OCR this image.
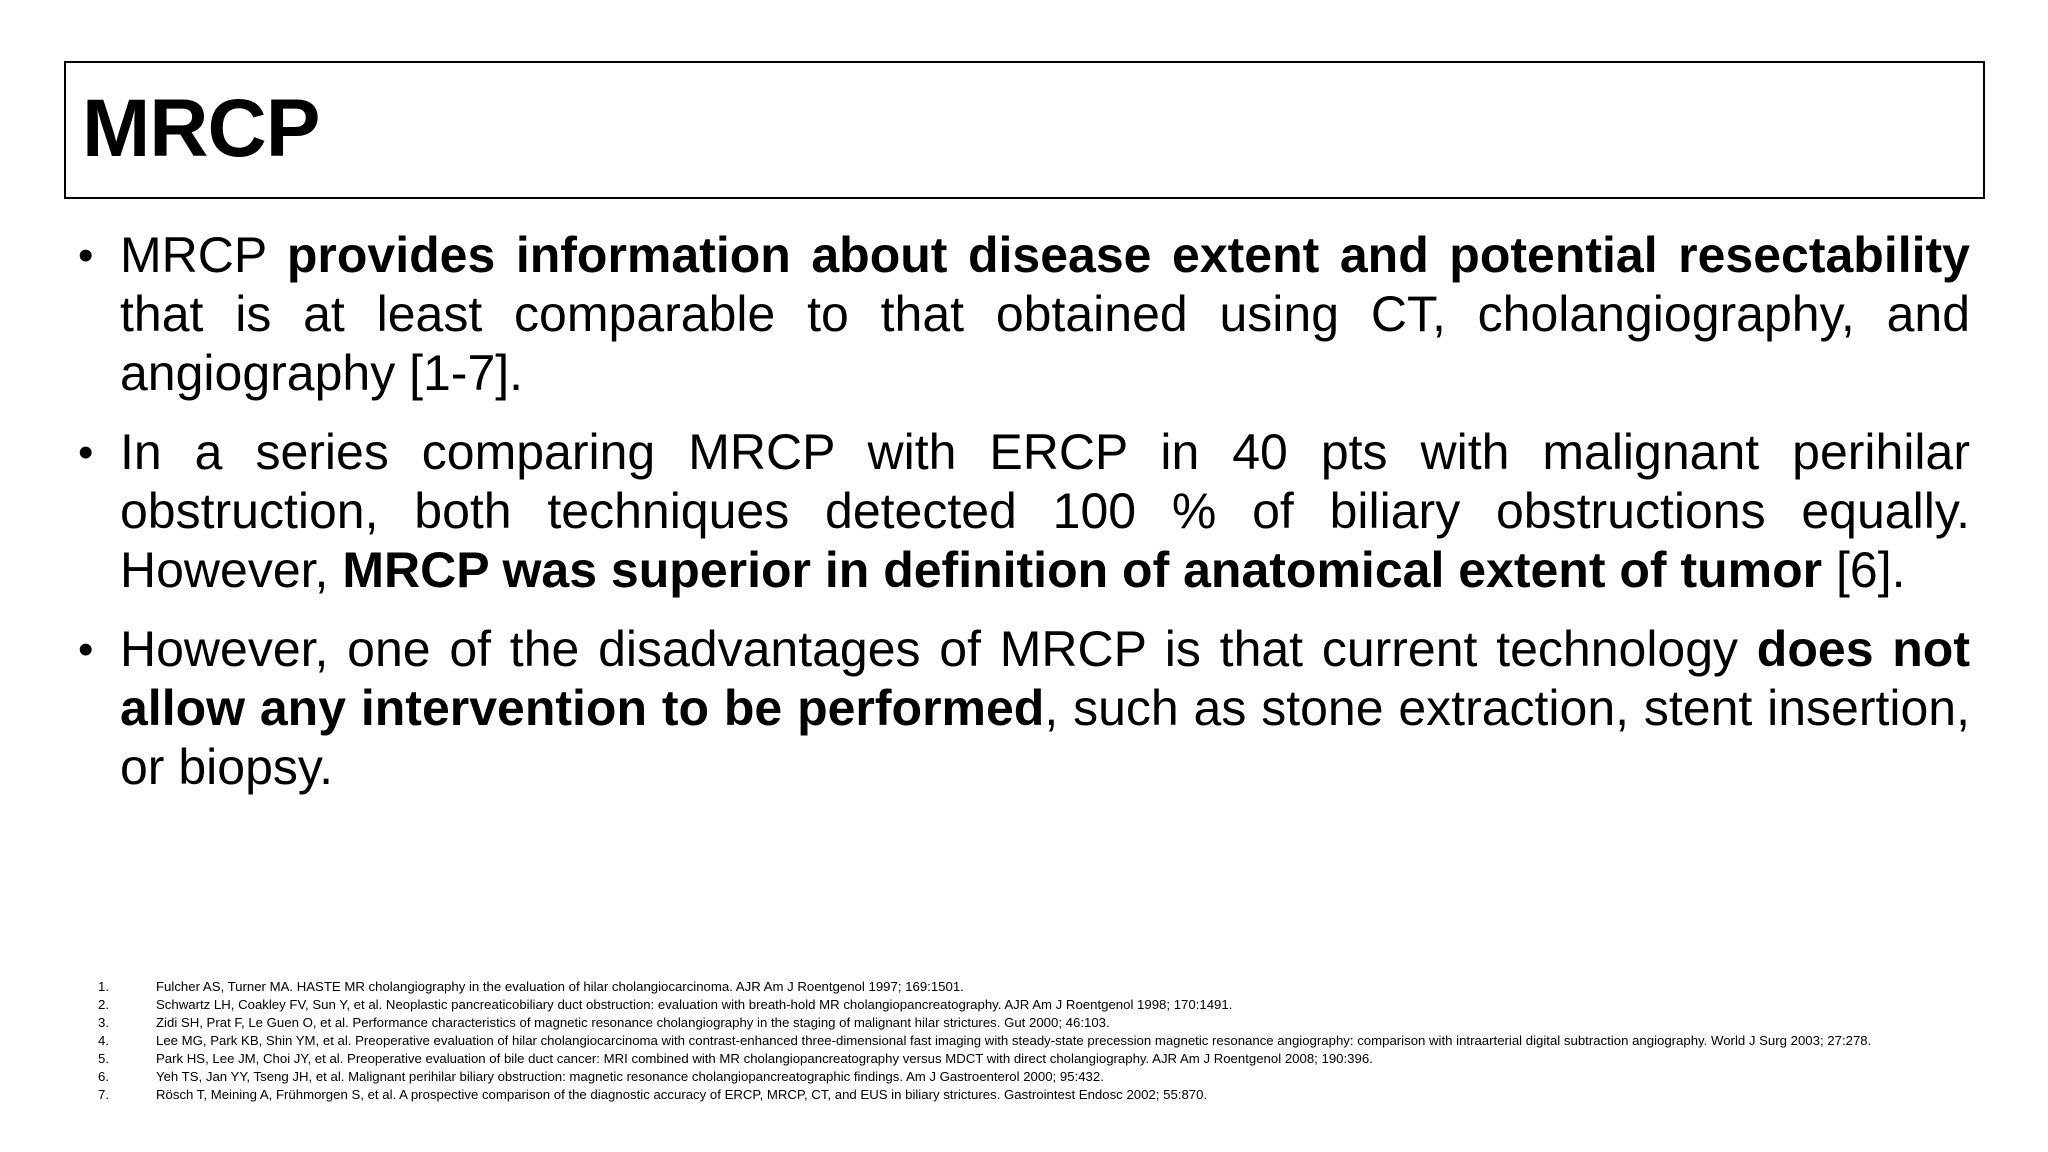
MRCP
• MRCP provides information about disease extent and potential resectability that is at least comparable to that obtained using CT, cholangiography, and angiography [1-7].
• In a series comparing MRCP with ERCP in 40 pts with malignant perihilar obstruction, both techniques detected 100 % of biliary obstructions equally. However, MRCP was superior in definition of anatomical extent of tumor [6].
• However, one of the disadvantages of MRCP is that current technology does not allow any intervention to be performed, such as stone extraction, stent insertion, or biopsy.
1.	Fulcher AS, Turner MA. HASTE MR cholangiography in the evaluation of hilar cholangiocarcinoma. AJR Am J Roentgenol 1997; 169:1501.
2.	Schwartz LH, Coakley FV, Sun Y, et al. Neoplastic pancreaticobiliary duct obstruction: evaluation with breath-hold MR cholangiopancreatography. AJR Am J Roentgenol 1998; 170:1491.
3.	Zidi SH, Prat F, Le Guen O, et al. Performance characteristics of magnetic resonance cholangiography in the staging of malignant hilar strictures. Gut 2000; 46:103.
4.	Lee MG, Park KB, Shin YM, et al. Preoperative evaluation of hilar cholangiocarcinoma with contrast-enhanced three-dimensional fast imaging with steady-state precession magnetic resonance angiography: comparison with intraarterial digital subtraction angiography. World J Surg 2003; 27:278.
5.	Park HS, Lee JM, Choi JY, et al. Preoperative evaluation of bile duct cancer: MRI combined with MR cholangiopancreatography versus MDCT with direct cholangiography. AJR Am J Roentgenol 2008; 190:396.
6.	Yeh TS, Jan YY, Tseng JH, et al. Malignant perihilar biliary obstruction: magnetic resonance cholangiopancreatographic findings. Am J Gastroenterol 2000; 95:432.
7.	Rösch T, Meining A, Frühmorgen S, et al. A prospective comparison of the diagnostic accuracy of ERCP, MRCP, CT, and EUS in biliary strictures. Gastrointest Endosc 2002; 55:870.
